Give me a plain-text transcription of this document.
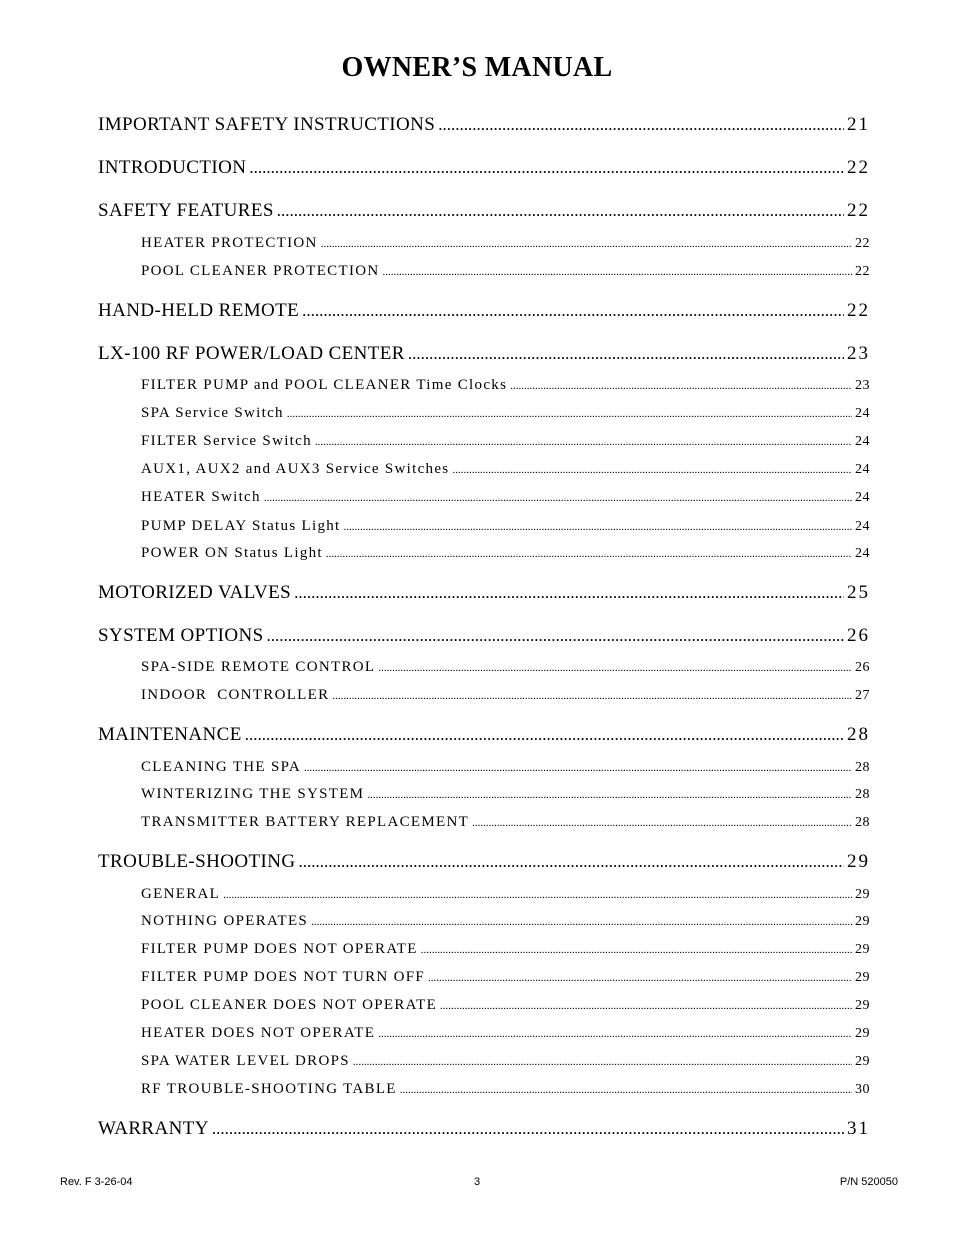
OWNER’S MANUAL
IMPORTANT SAFETY INSTRUCTIONS .....	21
INTRODUCTION .....	22
SAFETY FEATURES .....	22
HEATER PROTECTION .....	22
POOL CLEANER PROTECTION .....	22
HAND-HELD REMOTE .....	22
LX-100 RF POWER/LOAD CENTER .....	23
FILTER PUMP and POOL CLEANER Time Clocks .....	23
SPA Service Switch .....	24
FILTER Service Switch .....	24
AUX1, AUX2 and AUX3 Service Switches .....	24
HEATER Switch .....	24
PUMP DELAY Status Light .....	24
POWER ON Status Light .....	24
MOTORIZED VALVES .....	25
SYSTEM OPTIONS .....	26
SPA-SIDE REMOTE CONTROL .....	26
INDOOR  CONTROLLER .....	27
MAINTENANCE .....	28
CLEANING THE SPA .....	28
WINTERIZING THE SYSTEM .....	28
TRANSMITTER BATTERY REPLACEMENT .....	28
TROUBLE-SHOOTING .....	29
GENERAL .....	29
NOTHING OPERATES .....	29
FILTER PUMP DOES NOT OPERATE .....	29
FILTER PUMP DOES NOT TURN OFF .....	29
POOL CLEANER DOES NOT OPERATE .....	29
HEATER DOES NOT OPERATE .....	29
SPA WATER LEVEL DROPS .....	29
RF TROUBLE-SHOOTING TABLE .....	30
WARRANTY .....	31
Rev. F 3-26-04	3	P/N 520050
